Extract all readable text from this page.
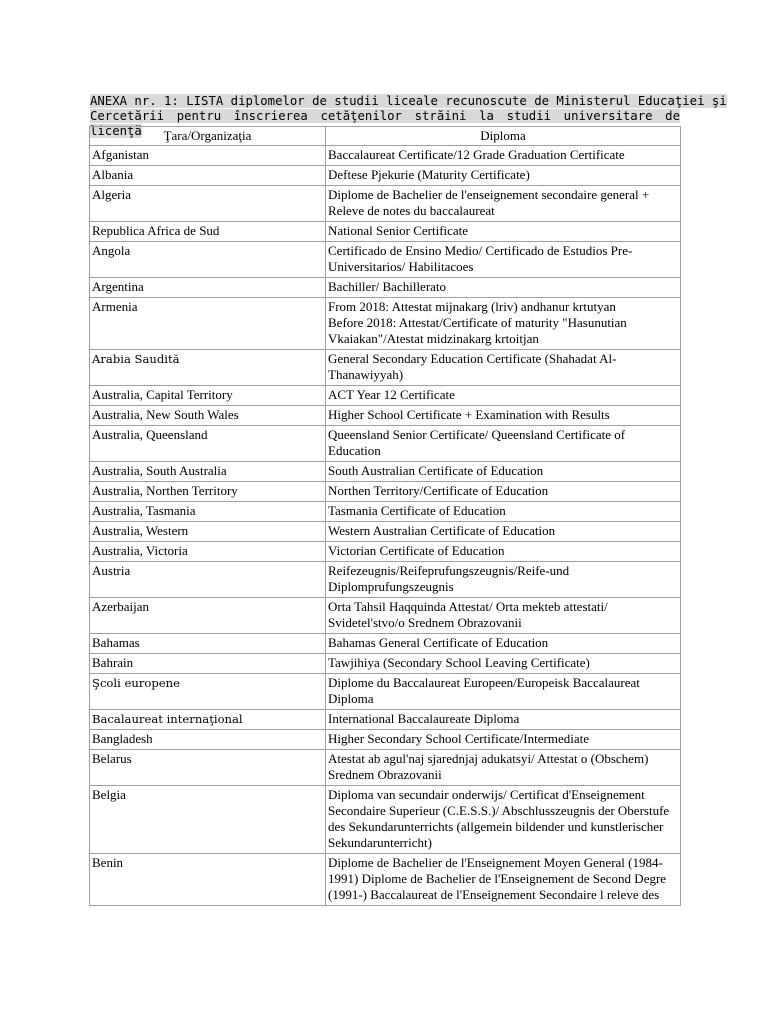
ANEXA nr. 1: LISTA diplomelor de studii liceale recunoscute de Ministerul Educaţiei şi
Cercetării pentru înscrierea cetăţenilor străini la studii universitare de licenţă	Ţara/Organizaţia	Diploma

Afganistan	Baccalaureat Certificate/12 Grade Graduation Certificate

Albania	Deftese Pjekurie (Maturity Certificate)

Algeria	Diplome de Bachelier de l'enseignement secondaire general +
Releve de notes du baccalaureat

Republica Africa de Sud	National Senior Certificate

Angola	Certificado de Ensino Medio/ Certificado de Estudios Pre-
Universitarios/ Habilitacoes

Argentina	Bachiller/ Bachillerato

Armenia	From 2018: Attestat mijnakarg (lriv) andhanur krtutyan
Before 2018: Attestat/Certificate of maturity "Hasunutian
Vkaiakan"/Atestat midzinakarg krtoitjan

Arabia Saudită	General Secondary Education Certificate (Shahadat Al-
Thanawiyyah)

Australia, Capital Territory	ACT Year 12 Certificate

Australia, New South Wales	Higher School Certificate + Examination with Results

Australia, Queensland	Queensland Senior Certificate/ Queensland Certificate of
Education

Australia, South Australia	South Australian Certificate of Education

Australia, Northen Territory	Northen Territory/Certificate of Education

Australia, Tasmania	Tasmania Certificate of Education

Australia, Western	Western Australian Certificate of Education

Australia, Victoria	Victorian Certificate of Education

Austria	Reifezeugnis/Reifeprufungszeugnis/Reife-und
Diplomprufungszeugnis

Azerbaijan	Orta Tahsil Haqquinda Attestat/ Orta mekteb attestati/
Svidetel'stvo/o Srednem Obrazovanii

Bahamas	Bahamas General Certificate of Education

Bahrain	Tawjihiya (Secondary School Leaving Certificate)

Şcoli europene	Diplome du Baccalaureat Europeen/Europeisk Baccalaureat
Diploma

Bacalaureat internaţional	International Baccalaureate Diploma

Bangladesh	Higher Secondary School Certificate/Intermediate

Belarus	Atestat ab agul'naj sjarednjaj adukatsyi/ Attestat o (Obschem)
Srednem Obrazovanii

Belgia	Diploma van secundair onderwijs/ Certificat d'Enseignement
Secondaire Superieur (C.E.S.S.)/ Abschlusszeugnis der Oberstufe
des Sekundarunterrichts (allgemein bildender und kunstlerischer
Sekundarunterricht)

Benin	Diplome de Bachelier de l'Enseignement Moyen General (1984-
1991) Diplome de Bachelier de l'Enseignement de Second Degre
(1991-) Baccalaureat de l'Enseignement Secondaire l releve des
